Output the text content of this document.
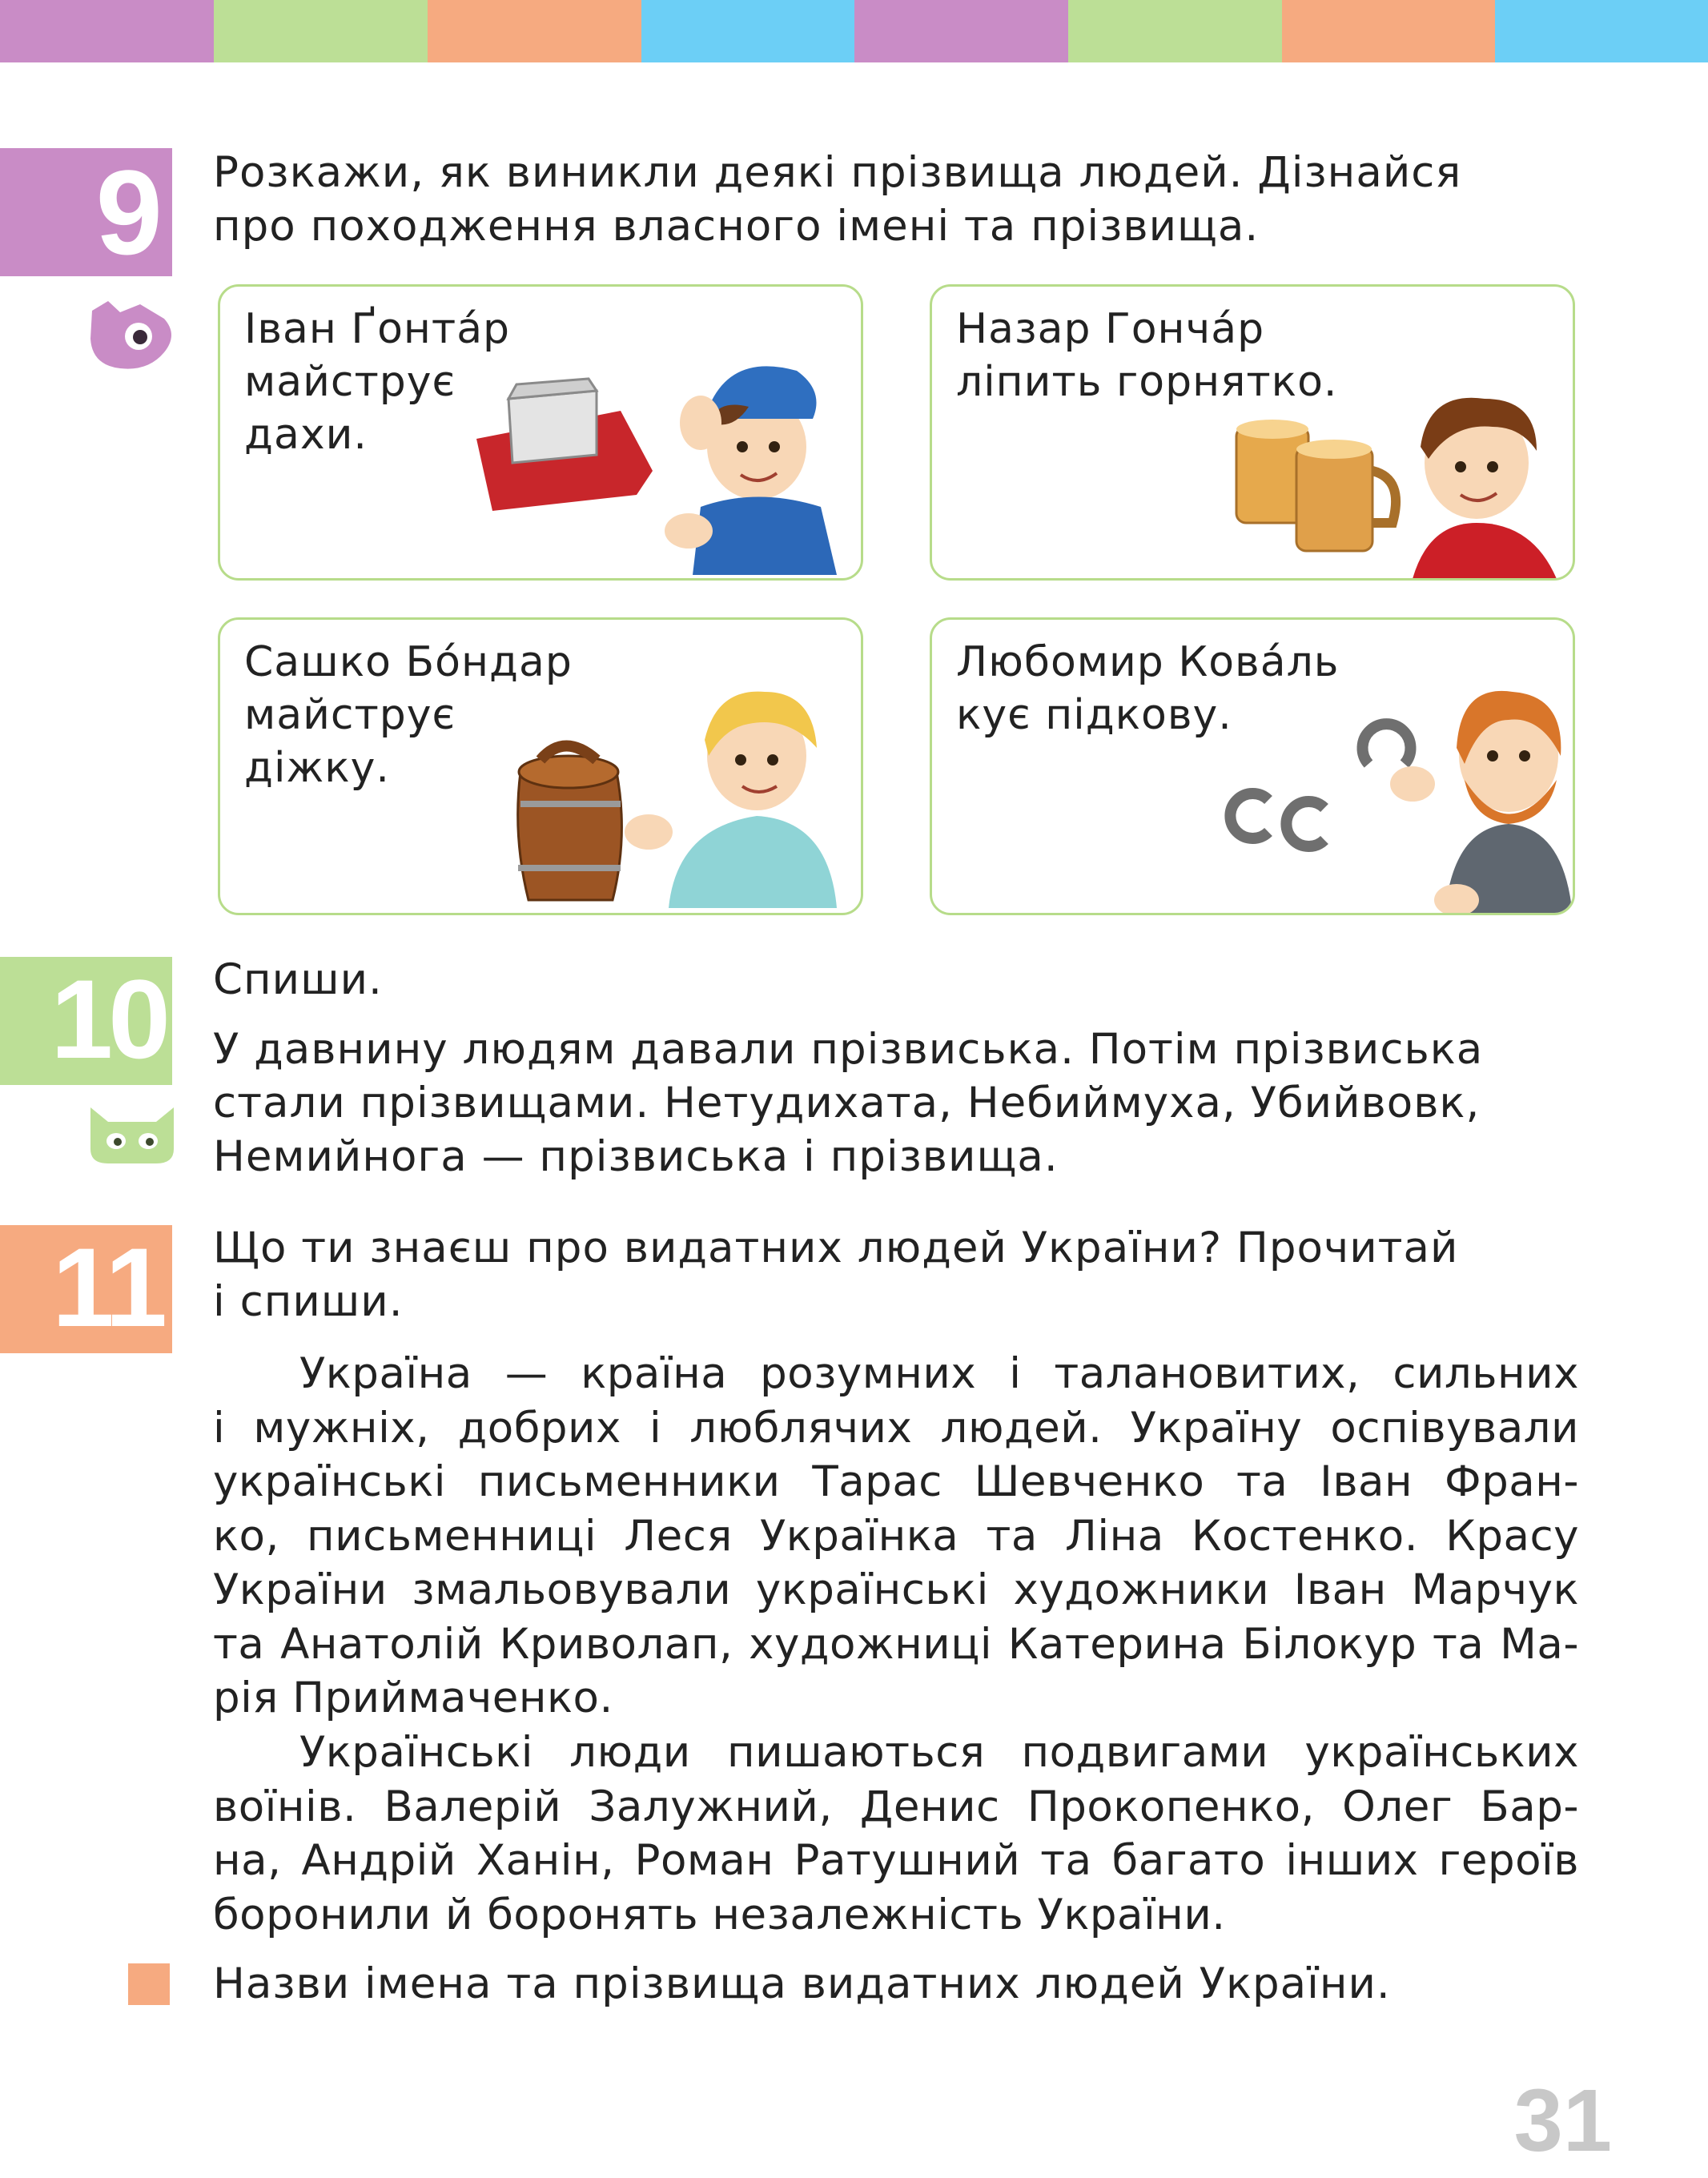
9 Розкажи, як виникли деякі прізвища людей. Дізнайся
про походження власного імені та прізвища.
Іван Ґонта́р
майструє
дахи.
Назар Гонча́р
ліпить горнятко.
Сашко Бо́ндар
майструє
діжку.
Любомир Кова́ль
кує підкову.
10 Спиши.
У давнину людям давали прізвиська. Потім прізвиська
стали прізвищами. Нетудихата, Небиймуха, Убийвовк,
Немийнога — прізвиська і прізвища.
11 Що ти знаєш про видатних людей України? Прочитай
і спиши.
Україна — країна розумних і талановитих, сильних
і мужніх, добрих і люблячих людей. Україну оспівували
українські письменники Тарас Шевченко та Іван Фран-
ко, письменниці Леся Українка та Ліна Костенко. Красу
України змальовували українські художники Іван Марчук
та Анатолій Криволап, художниці Катерина Білокур та Ма-
рія Приймаченко.
Українські люди пишаються подвигами українських
воїнів. Валерій Залужний, Денис Прокопенко, Олег Бар-
на, Андрій Ханін, Роман Ратушний та багато інших героїв
боронили й боронять незалежність України.
Назви імена та прізвища видатних людей України.
31
